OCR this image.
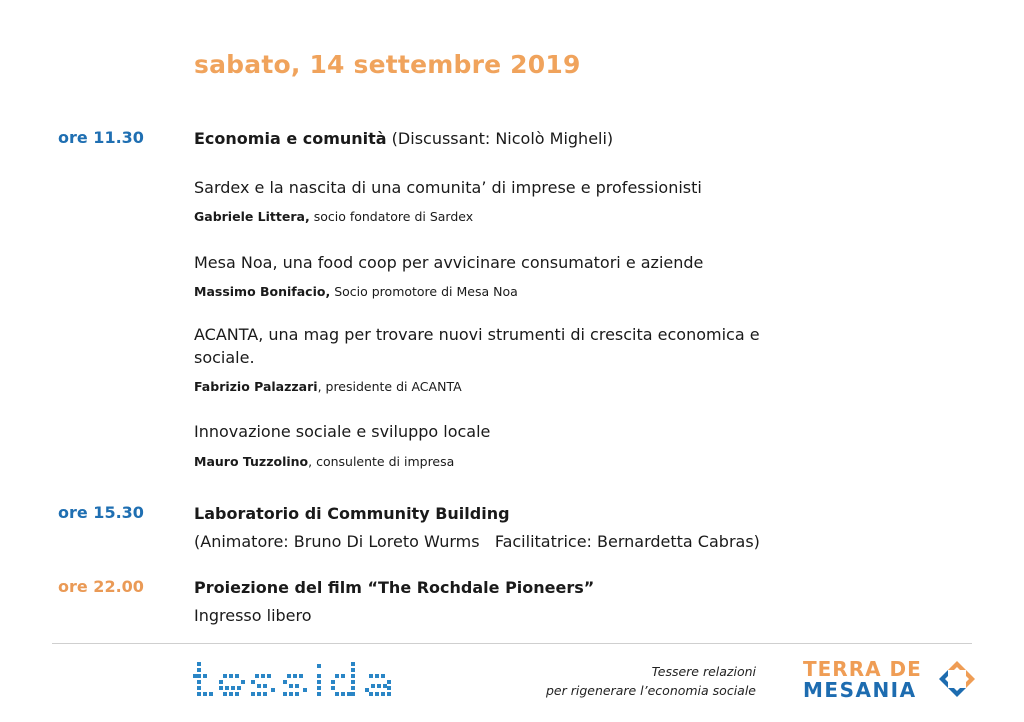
sabato, 14 settembre 2019
ore 11.30	Economia e comunità (Discussant: Nicolò Migheli)
Sardex e la nascita di una comunita’ di imprese e professionisti
Gabriele Littera, socio fondatore di Sardex
Mesa Noa, una food coop per avvicinare consumatori e aziende
Massimo Bonifacio, Socio promotore di Mesa Noa
ACANTA, una mag per trovare nuovi strumenti di crescita economica e sociale.
Fabrizio Palazzari, presidente di ACANTA
Innovazione sociale e sviluppo locale
Mauro Tuzzolino, consulente di impresa
ore 15.30	Laboratorio di Community Building
(Animatore: Bruno Di Loreto Wurms   Facilitatrice: Bernardetta Cabras)
ore 22.00	Proiezione del film “The Rochdale Pioneers”
Ingresso libero
Tessere relazioni
per rigenerare l’economia sociale
TERRA DE
MESANIA
